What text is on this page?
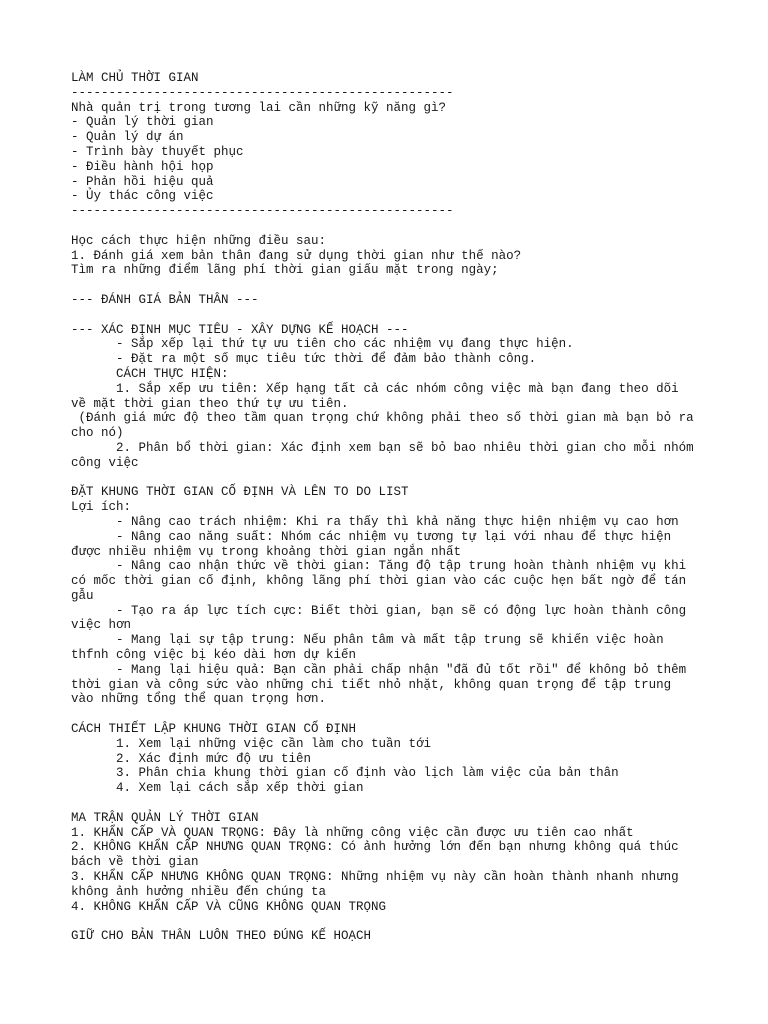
LÀM CHỦ THỜI GIAN
---------------------------------------------------
Nhà quản trị trong tương lai cần những kỹ năng gì?
- Quản lý thời gian
- Quản lý dự án
- Trình bày thuyết phục
- Điều hành hội họp
- Phản hồi hiệu quả
- Ủy thác công việc
---------------------------------------------------
Học cách thực hiện những điều sau:
1. Đánh giá xem bản thân đang sử dụng thời gian như thế nào?
Tìm ra những điểm lãng phí thời gian giấu mặt trong ngày;
--- ĐÁNH GIÁ BẢN THÂN ---
--- XÁC ĐỊNH MỤC TIÊU - XÂY DỰNG KẾ HOẠCH ---
- Sắp xếp lại thứ tự ưu tiên cho các nhiệm vụ đang thực hiện.
- Đặt ra một số mục tiêu tức thời để đảm bảo thành công.
CÁCH THỰC HIỆN:
1. Sắp xếp ưu tiên: Xếp hạng tất cả các nhóm công việc mà bạn đang theo dõi
về mặt thời gian theo thứ tự ưu tiên.
(Đánh giá mức độ theo tầm quan trọng chứ không phải theo số thời gian mà bạn bỏ ra
cho nó)
2. Phân bổ thời gian: Xác định xem bạn sẽ bỏ bao nhiêu thời gian cho mỗi nhóm
công việc
ĐẶT KHUNG THỜI GIAN CỐ ĐỊNH VÀ LÊN TO DO LIST
Lợi ích:
- Nâng cao trách nhiệm: Khi ra thấy thì khả năng thực hiện nhiệm vụ cao hơn
- Nâng cao năng suất: Nhóm các nhiệm vụ tương tự lại với nhau để thực hiện
được nhiều nhiệm vụ trong khoảng thời gian ngắn nhất
- Nâng cao nhận thức về thời gian: Tăng độ tập trung hoàn thành nhiệm vụ khi
có mốc thời gian cố định, không lãng phí thời gian vào các cuộc hẹn bất ngờ để tán
gẫu
- Tạo ra áp lực tích cực: Biết thời gian, bạn sẽ có động lực hoàn thành công
việc hơn
- Mang lại sự tập trung: Nếu phân tâm và mất tập trung sẽ khiến việc hoàn
thfnh công việc bị kéo dài hơn dự kiến
- Mang lại hiệu quả: Bạn cần phải chấp nhận "đã đủ tốt rồi" để không bỏ thêm
thời gian và công sức vào những chi tiết nhỏ nhặt, không quan trọng để tập trung
vào những tổng thể quan trọng hơn.
CÁCH THIẾT LẬP KHUNG THỜI GIAN CỐ ĐỊNH
1. Xem lại những việc cần làm cho tuần tới
2. Xác định mức độ ưu tiên
3. Phân chia khung thời gian cố định vào lịch làm việc của bản thân
4. Xem lại cách sắp xếp thời gian
MA TRẬN QUẢN LÝ THỜI GIAN
1. KHẨN CẤP VÀ QUAN TRỌNG: Đây là những công việc cần được ưu tiên cao nhất
2. KHÔNG KHẨN CẤP NHƯNG QUAN TRỌNG: Có ảnh hưởng lớn đến bạn nhưng không quá thúc
bách về thời gian
3. KHẨN CẤP NHƯNG KHÔNG QUAN TRỌNG: Những nhiệm vụ này cần hoàn thành nhanh nhưng
không ảnh hưởng nhiều đến chúng ta
4. KHÔNG KHẨN CẤP VÀ CŨNG KHÔNG QUAN TRỌNG
GIỮ CHO BẢN THÂN LUÔN THEO ĐÚNG KẾ HOẠCH
